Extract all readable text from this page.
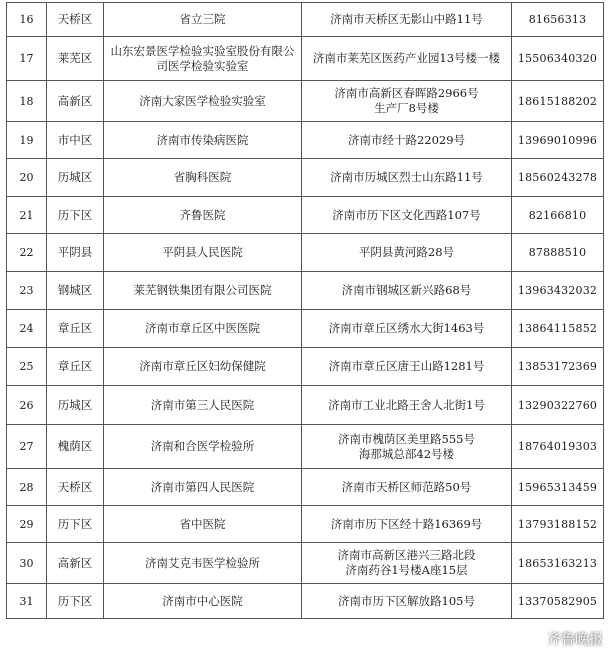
16	天桥区	省立三院	济南市天桥区无影山中路11号	81656313
17	莱芜区	山东宏景医学检验实验室股份有限公
司医学检验实验室	济南市莱芜区医药产业园13号楼一楼	15506340320
18	高新区	济南大家医学检验实验室	济南市高新区春晖路2966号
生产厂8号楼	18615188202
19	市中区	济南市传染病医院	济南市经十路22029号	13969010996
20	历城区	省胸科医院	济南市历城区烈士山东路11号	18560243278
21	历下区	齐鲁医院	济南市历下区文化西路107号	82166810
22	平阴县	平阴县人民医院	平阴县黄河路28号	87888510
23	钢城区	莱芜钢铁集团有限公司医院	济南市钢城区新兴路68号	13963432032
24	章丘区	济南市章丘区中医医院	济南市章丘区绣水大街1463号	13864115852
25	章丘区	济南市章丘区妇幼保健院	济南市章丘区唐王山路1281号	13853172369
26	历城区	济南市第三人民医院	济南市工业北路王舍人北街1号	13290322760
27	槐荫区	济南和合医学检验所	济南市槐荫区美里路555号
海那城总部42号楼	18764019303
28	天桥区	济南市第四人民医院	济南市天桥区师范路50号	15965313459
29	历下区	省中医院	济南市历下区经十路16369号	13793188152
30	高新区	济南艾克韦医学检验所	济南市高新区港兴三路北段
济南药谷1号楼A座15层	18653163213
31	历下区	济南市中心医院	济南市历下区解放路105号	13370582905
齐鲁晚报
